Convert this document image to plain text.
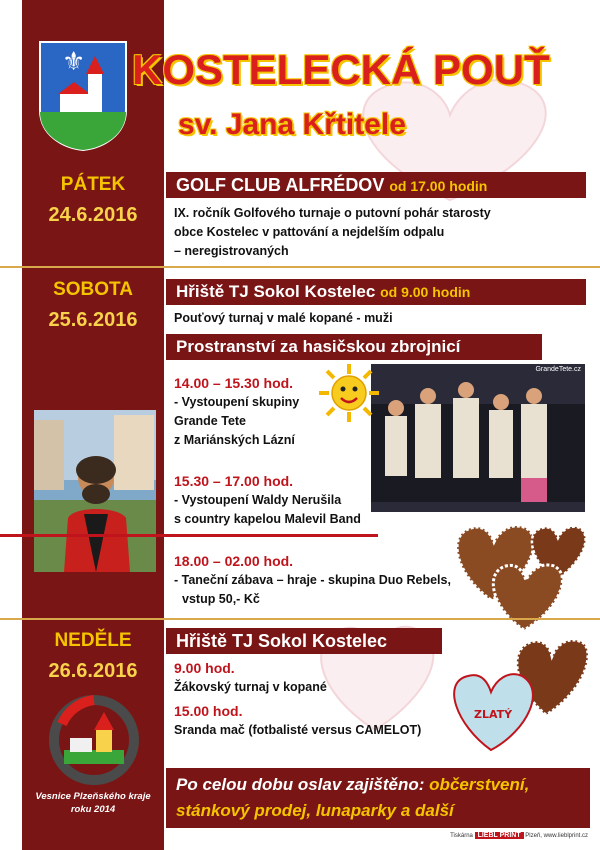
⚜ KOSTELECKÁ POUŤ
sv. Jana Křtitele
PÁTEK
24.6.2016
GOLF CLUB ALFRÉDOV od 17.00 hodin
IX. ročník Golfového turnaje o putovní pohár starosty
obce Kostelec v pattování a nejdelším odpalu
– neregistrovaných
SOBOTA
25.6.2016
Hřiště TJ Sokol Kostelec od 9.00 hodin
Pouťový turnaj v malé kopané - muži
Prostranství za hasičskou zbrojnicí
GrandeTete.cz
14.00 – 15.30 hod.
- Vystoupení skupiny
Grande Tete
z Mariánských Lázní
15.30 – 17.00 hod.
- Vystoupení Waldy Nerušila
s country kapelou Malevil Band
18.00 – 02.00 hod.
- Taneční zábava – hraje - skupina Duo Rebels,
vstup 50,- Kč
ZLATÝ
NEDĚLE
26.6.2016
Hřiště TJ Sokol Kostelec
9.00 hod.
Žákovský turnaj v kopané
15.00 hod.
Sranda mač (fotbalisté versus CAMELOT)
Vesnice Plzeňského kraje
roku 2014
Po celou dobu oslav zajištěno: občerstvení,
stánkový prodej, lunaparky a další
Tiskárna LIEBL PRINT Plzeň, www.lieblprint.cz
